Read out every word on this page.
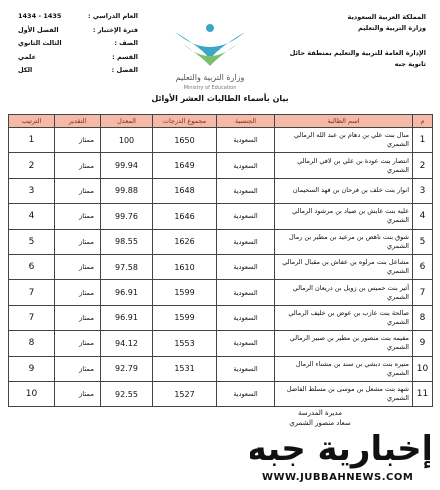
المملكة العربية السعودية
وزارة التربية والتعليم
الإدارة العامة للتربية والتعليم بمنطقة حائل
ثانوية جبه
وزارة التربية والتعليم
Ministry of Education
العام الدراسي :
1435 - 1434
فترة الإختبار :
الفصل الأول
الصف :
الثالث الثانوي
القسم :
علمي
الفصل :
الكل
بيان بأسماء الطالبات العشر الأوائل
م	اسم الطالبة	الجنسية	مجموع الدرجات	المعدل	التقدير	الترتيب
1	منال بنت علي بن دهام بن عبد الله الرمالي الشمري	السعودية	1650	100	ممتاز	1
2	انتصار بنت عودة بن علي بن لافي الرمالي الشمري	السعودية	1649	99.94	ممتاز	2
3	انوار بنت خلف بن فرحان بن فهد السحيمان	السعودية	1648	99.88	ممتاز	3
4	عليه بنت عايش بن صياد بن مرشود الرمالي الشمري	السعودية	1646	99.76	ممتاز	4
5	شوق بنت ناهض بن مرعيد بن مطير بن رمال الشمري	السعودية	1626	98.55	ممتاز	5
6	مشاعل بنت مرلوه بن عفاش بن مقبال الرمالي الشمري	السعودية	1610	97.58	ممتاز	6
7	أثير بنت حميس بن زويل بن دريعان الرمالي الشمري	السعودية	1599	96.91	ممتاز	7
8	صالحة بنت عازب بن عوض بن خليف الرمالي الشمري	السعودية	1599	96.91	ممتاز	7
9	مفيمه بنت منصور بن مطير بن صبير الرمالي الشمري	السعودية	1553	94.12	ممتاز	8
10	منيره بنت دبشي بن سند بن مشناء الرمال الشمري	السعودية	1531	92.79	ممتاز	9
11	شهد بنت مشعل بن موسى بن مسلط الفاضل الشمري	السعودية	1527	92.55	ممتاز	10
مديرة المدرسة
سعاد منصور الشمري
إخبارية جبه
WWW.JUBBAHNEWS.COM
